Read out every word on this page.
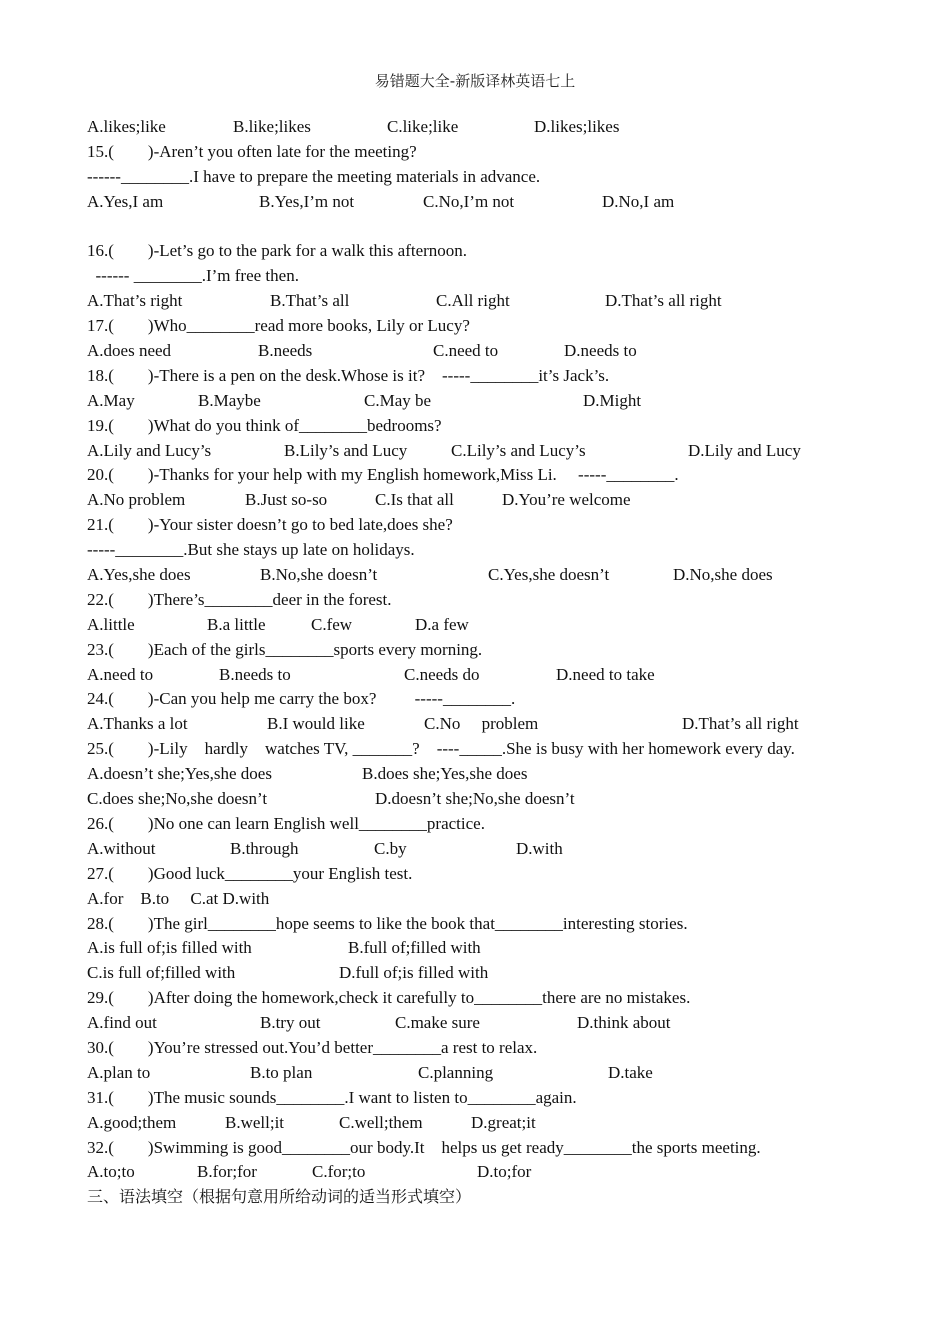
易错题大全-新版译林英语七上
A.likes;like	B.like;likes	C.like;like	D.likes;likes
15.(        )-Aren’t you often late for the meeting?
------________.I have to prepare the meeting materials in advance.
A.Yes,I am	B.Yes,I’m not	C.No,I’m not	D.No,I am
16.(        )-Let’s go to the park for a walk this afternoon.
------ ________.I’m free then.
A.That’s right	B.That’s all	C.All right	D.That’s all right
17.(        )Who________read more books, Lily or Lucy?
A.does need	B.needs	C.need to	D.needs to
18.(        )-There is a pen on the desk.Whose is it?    -----________it’s Jack’s.
A.May	B.Maybe	C.May be	D.Might
19.(        )What do you think of________bedrooms?
A.Lily and Lucy’s	B.Lily’s and Lucy	C.Lily’s and Lucy’s	D.Lily and Lucy
20.(        )-Thanks for your help with my English homework,Miss Li.     -----________.
A.No problem	B.Just so-so	C.Is that all	D.You’re welcome
21.(        )-Your sister doesn’t go to bed late,does she?
-----________.But she stays up late on holidays.
A.Yes,she does	B.No,she doesn’t	C.Yes,she doesn’t	D.No,she does
22.(        )There’s________deer in the forest.
A.little	B.a little	C.few	D.a few
23.(        )Each of the girls________sports every morning.
A.need to	B.needs to	C.needs do	D.need to take
24.(        )-Can you help me carry the box?         -----________.
A.Thanks a lot	B.I would like	C.No     problem	D.That’s all right
25.(        )-Lily    hardly    watches TV, _______?    ----_____.She is busy with her homework every day.
A.doesn’t she;Yes,she does	B.does she;Yes,she does
C.does she;No,she doesn’t	D.doesn’t she;No,she doesn’t
26.(        )No one can learn English well________practice.
A.without	B.through	C.by	D.with
27.(        )Good luck________your English test.
A.for    B.to     C.at D.with
28.(        )The girl________hope seems to like the book that________interesting stories.
A.is full of;is filled with	B.full of;filled with
C.is full of;filled with	D.full of;is filled with
29.(        )After doing the homework,check it carefully to________there are no mistakes.
A.find out	B.try out	C.make sure	D.think about
30.(        )You’re stressed out.You’d better________a rest to relax.
A.plan to	B.to plan	C.planning	D.take
31.(        )The music sounds________.I want to listen to________again.
A.good;them	B.well;it	C.well;them	D.great;it
32.(        )Swimming is good________our body.It    helps us get ready________the sports meeting.
A.to;to	B.for;for	C.for;to	D.to;for
三、语法填空（根据句意用所给动词的适当形式填空）
